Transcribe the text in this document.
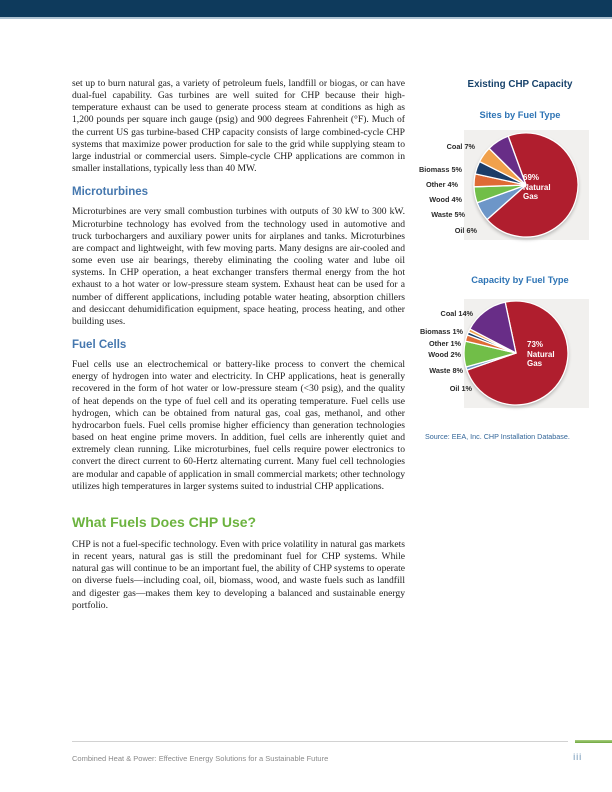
set up to burn natural gas, a variety of petroleum fuels, landfill or biogas, or can have dual-fuel capability. Gas turbines are well suited for CHP because their high-temperature exhaust can be used to generate process steam at conditions as high as 1,200 pounds per square inch gauge (psig) and 900 degrees Fahrenheit (°F). Much of the current US gas turbine-based CHP capacity consists of large combined-cycle CHP systems that maximize power production for sale to the grid while supplying steam to large industrial or commercial users. Simple-cycle CHP applications are common in smaller installations, typically less than 40 MW.

Microturbines

Microturbines are very small combustion turbines with outputs of 30 kW to 300 kW. Microturbine technology has evolved from the technology used in automotive and truck turbochargers and auxiliary power units for airplanes and tanks. Microturbines are compact and lightweight, with few moving parts. Many designs are air-cooled and some even use air bearings, thereby eliminating the cooling water and lube oil systems. In CHP operation, a heat exchanger transfers thermal energy from the hot exhaust to a hot water or low-pressure steam system. Exhaust heat can be used for a number of different applications, including potable water heating, absorption chillers and desiccant dehumidification equipment, space heating, process heating, and other building uses.

Fuel Cells

Fuel cells use an electrochemical or battery-like process to convert the chemical energy of hydrogen into water and electricity. In CHP applications, heat is generally recovered in the form of hot water or low-pressure steam (<30 psig), and the quality of heat depends on the type of fuel cell and its operating temperature. Fuel cells use hydrogen, which can be obtained from natural gas, coal gas, methanol, and other hydrocarbon fuels. Fuel cells promise higher efficiency than generation technologies based on heat engine prime movers. In addition, fuel cells are inherently quiet and extremely clean running. Like microturbines, fuel cells require power electronics to convert the direct current to 60-Hertz alternating current. Many fuel cell technologies are modular and capable of application in small commercial markets; other technology utilizes high temperatures in larger systems suited to industrial CHP applications.

What Fuels Does CHP Use?

CHP is not a fuel-specific technology. Even with price volatility in natural gas markets in recent years, natural gas is still the predominant fuel for CHP systems. While natural gas will continue to be an important fuel, the ability of CHP systems to operate on diverse fuels—including coal, oil, biomass, wood, and waste fuels such as landfill and digester gas—makes them key to developing a balanced and sustainable energy portfolio.

Existing CHP Capacity
Sites by Fuel Type
69% Natural Gas
Coal 7%
Biomass 5%
Other 4%
Wood 4%
Waste 5%
Oil 6%
Capacity by Fuel Type
73% Natural Gas
Coal 14%
Biomass 1%
Other 1%
Wood 2%
Waste 8%
Oil 1%
Source: EEA, Inc. CHP Installation Database.
Combined Heat & Power: Effective Energy Solutions for a Sustainable Future	iii
